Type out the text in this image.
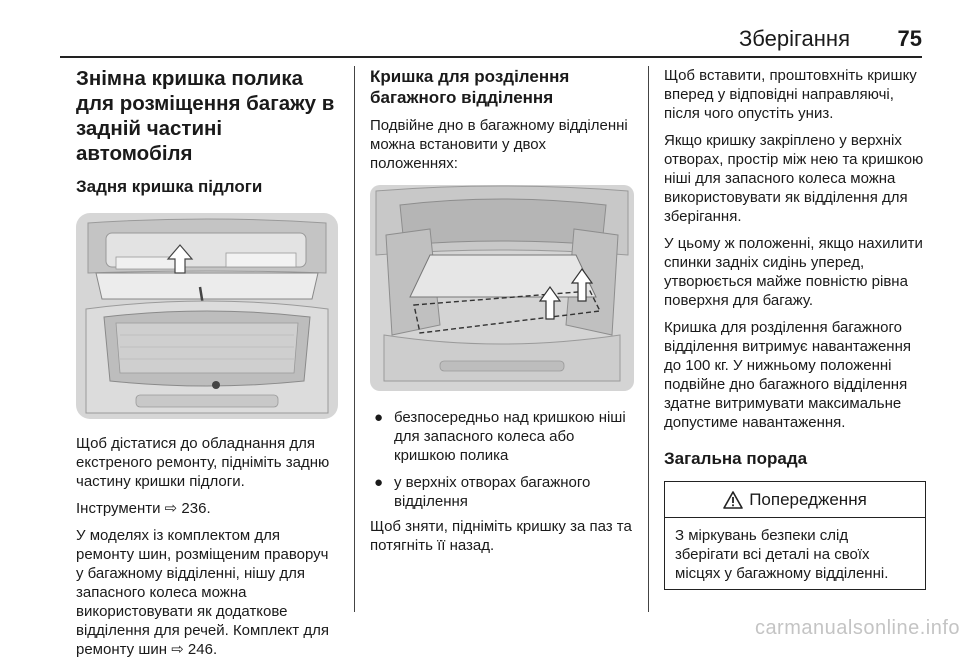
Зберігання 75
Знімна кришка полика для розміщення багажу в задній частині автомобіля
Задня кришка підлоги

Щоб дістатися до обладнання для екстреного ремонту, підніміть задню частину кришки підлоги.

Інструменти ⇨ 236.

У моделях із комплектом для ремонту шин, розміщеним праворуч у багажному відділенні, нішу для запасного колеса можна використовувати як додаткове відділення для речей. Комплект для ремонту шин ⇨ 246.

Кришка для розділення багажного відділення

Подвійне дно в багажному відділенні можна встановити у двох положеннях:

● безпосередньо над кришкою ніші для запасного колеса або кришкою полика
● у верхніх отворах багажного відділення

Щоб зняти, підніміть кришку за паз та потягніть її назад.

Щоб вставити, проштовхніть кришку вперед у відповідні направляючі, після чого опустіть униз.

Якщо кришку закріплено у верхніх отворах, простір між нею та кришкою ніші для запасного колеса можна використовувати як відділення для зберігання.

У цьому ж положенні, якщо нахилити спинки задніх сидінь уперед, утворюється майже повністю рівна поверхня для багажу.

Кришка для розділення багажного відділення витримує навантаження до 100 кг. У нижньому положенні подвійне дно багажного відділення здатне витримувати максимальне допустиме навантаження.

Загальна порада
Попередження
З міркувань безпеки слід зберігати всі деталі на своїх місцях у багажному відділенні.
carmanualsonline.info
